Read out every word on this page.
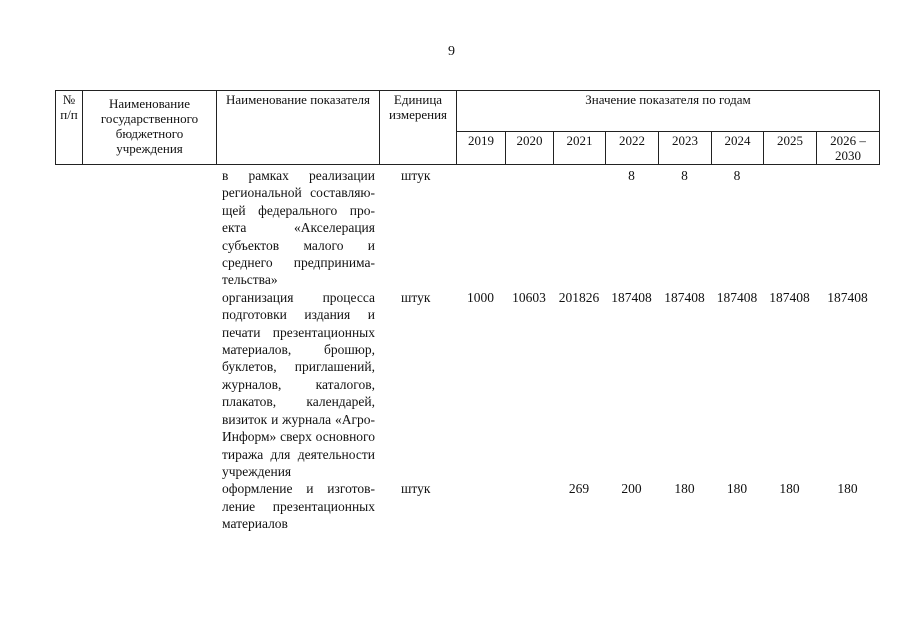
9
№ п/п	Наименование государственного бюджетного учреждения	Наименование показателя	Единица измерения	Значение показателя по годам							
				2019	2020	2021	2022	2023	2024	2025	2026 – 2030
		в рамках реализации региональной составляющей федерального проекта «Акселерация субъектов малого и среднего предпринимательства»	штук				8	8	8		
		организация процесса подготовки издания и печати презентационных материалов, брошюр, буклетов, приглашений, журналов, каталогов, плакатов, календарей, визиток и журнала «Агро-Информ» сверх основного тиража для деятельности учреждения	штук	1000	10603	201826	187408	187408	187408	187408	187408
		оформление и изготовление презентационных материалов	штук			269	200	180	180	180	180
